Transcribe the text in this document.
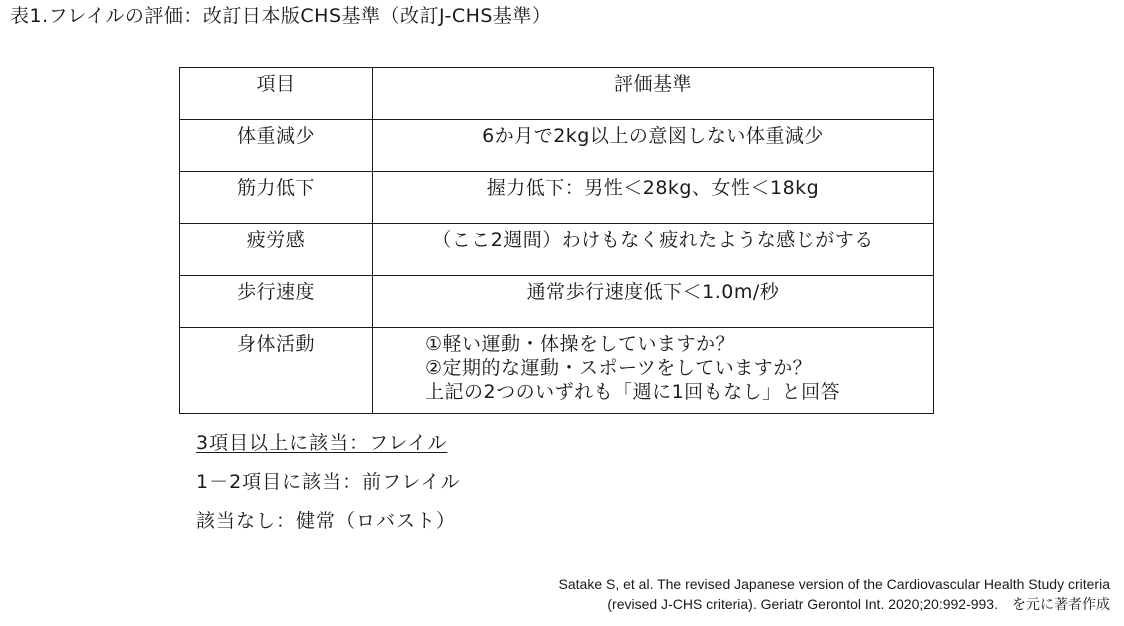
表1.フレイルの評価：改訂日本版CHS基準（改訂J-CHS基準）
項目	評価基準
体重減少	6か月で2kg以上の意図しない体重減少
筋力低下	握力低下：男性＜28kg、女性＜18kg
疲労感	（ここ2週間）わけもなく疲れたような感じがする
歩行速度	通常歩行速度低下＜1.0m/秒
身体活動	①軽い運動・体操をしていますか？
②定期的な運動・スポーツをしていますか？
上記の2つのいずれも「週に1回もなし」と回答
3項目以上に該当：フレイル
1－2項目に該当：前フレイル
該当なし：健常（ロバスト）
Satake S, et al. The revised Japanese version of the Cardiovascular Health Study criteria
(revised J-CHS criteria). Geriatr Gerontol Int. 2020;20:992-993.　を元に著者作成
